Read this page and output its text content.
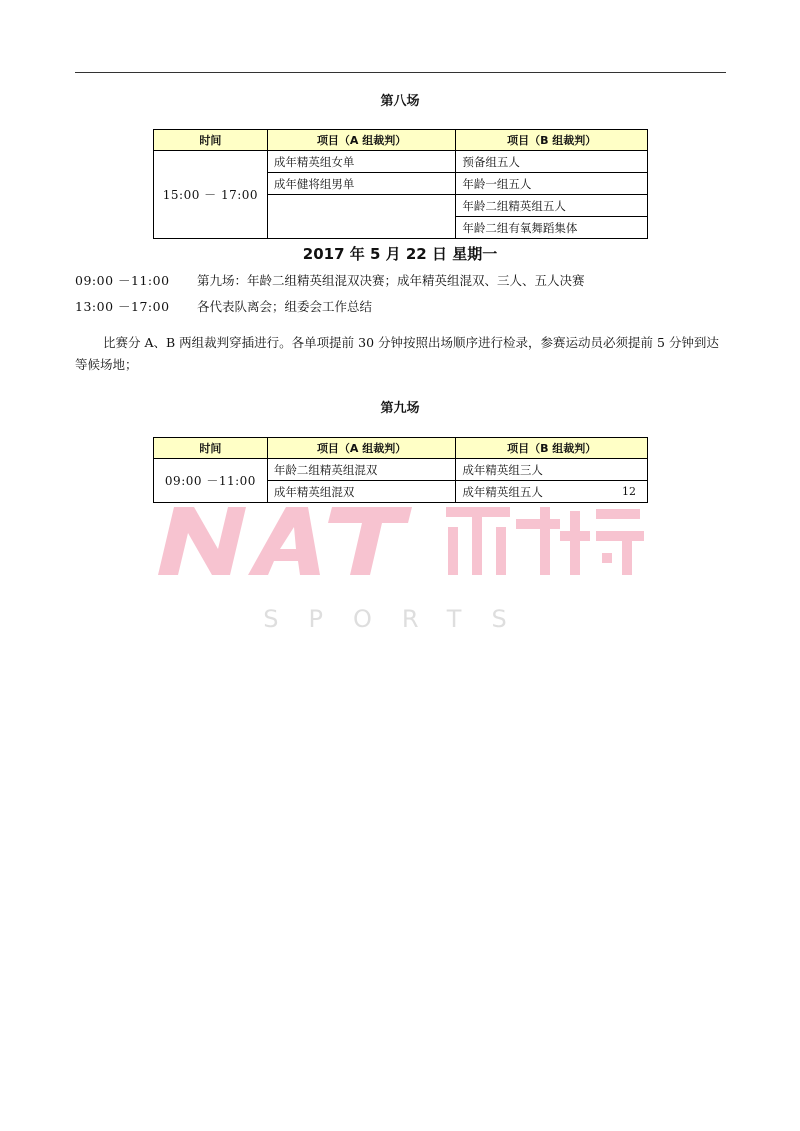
第八场
时间	项目（A 组裁判）	项目（B 组裁判）
15:00 － 17:00	成年精英组女单	预备组五人
	成年健将组男单	年龄一组五人
		年龄二组精英组五人
		年龄二组有氧舞蹈集体
2017 年 5 月 22 日 星期一
09:00 －11:00 第九场：年龄二组精英组混双决赛；成年精英组混双、三人、五人决赛
13:00 －17:00 各代表队离会；组委会工作总结
比赛分 A、B 两组裁判穿插进行。各单项提前 30 分钟按照出场顺序进行检录，参赛运动员必须提前 5 分钟到达等候场地；
第九场
时间	项目（A 组裁判）	项目（B 组裁判）
09:00 －11:00	年龄二组精英组混双	成年精英组三人
	成年精英组混双	成年精英组五人	12
SPORTS
